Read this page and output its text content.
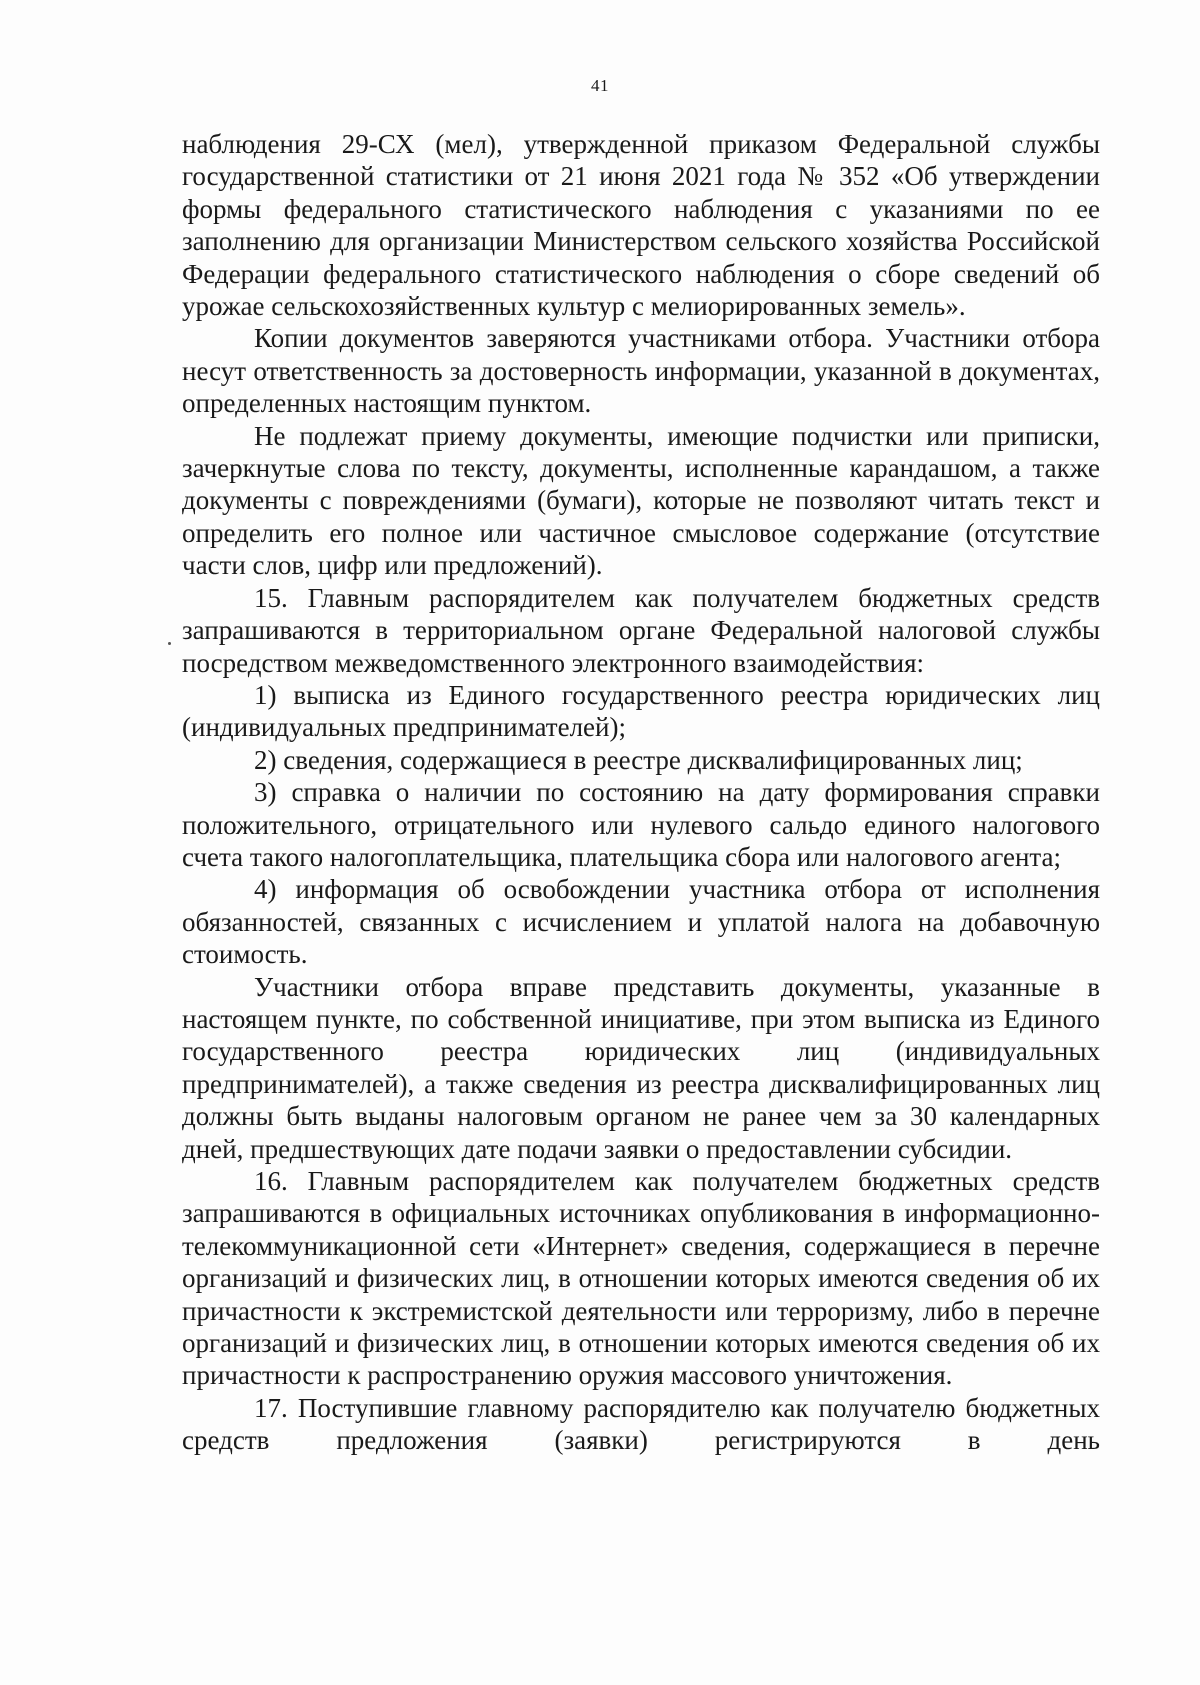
41

наблюдения 29-СХ (мел), утвержденной приказом Федеральной службы государственной статистики от 21 июня 2021 года № 352 «Об утверждении формы федерального статистического наблюдения с указаниями по ее заполнению для организации Министерством сельского хозяйства Российской Федерации федерального статистического наблюдения о сборе сведений об урожае сельскохозяйственных культур с мелиорированных земель».

Копии документов заверяются участниками отбора. Участники отбора несут ответственность за достоверность информации, указанной в документах, определенных настоящим пунктом.

Не подлежат приему документы, имеющие подчистки или приписки, зачеркнутые слова по тексту, документы, исполненные карандашом, а также документы с повреждениями (бумаги), которые не позволяют читать текст и определить его полное или частичное смысловое содержание (отсутствие части слов, цифр или предложений).

15. Главным распорядителем как получателем бюджетных средств запрашиваются в территориальном органе Федеральной налоговой службы посредством межведомственного электронного взаимодействия:

1) выписка из Единого государственного реестра юридических лиц (индивидуальных предпринимателей);

2) сведения, содержащиеся в реестре дисквалифицированных лиц;

3) справка о наличии по состоянию на дату формирования справки положительного, отрицательного или нулевого сальдо единого налогового счета такого налогоплательщика, плательщика сбора или налогового агента;

4) информация об освобождении участника отбора от исполнения обязанностей, связанных с исчислением и уплатой налога на добавочную стоимость.

Участники отбора вправе представить документы, указанные в настоящем пункте, по собственной инициативе, при этом выписка из Единого государственного реестра юридических лиц (индивидуальных предпринимателей), а также сведения из реестра дисквалифицированных лиц должны быть выданы налоговым органом не ранее чем за 30 календарных дней, предшествующих дате подачи заявки о предоставлении субсидии.

16. Главным распорядителем как получателем бюджетных средств запрашиваются в официальных источниках опубликования в информационно-телекоммуникационной сети «Интернет» сведения, содержащиеся в перечне организаций и физических лиц, в отношении которых имеются сведения об их причастности к экстремистской деятельности или терроризму, либо в перечне организаций и физических лиц, в отношении которых имеются сведения об их причастности к распространению оружия массового уничтожения.

17. Поступившие главному распорядителю как получателю бюджетных средств предложения (заявки) регистрируются в день
